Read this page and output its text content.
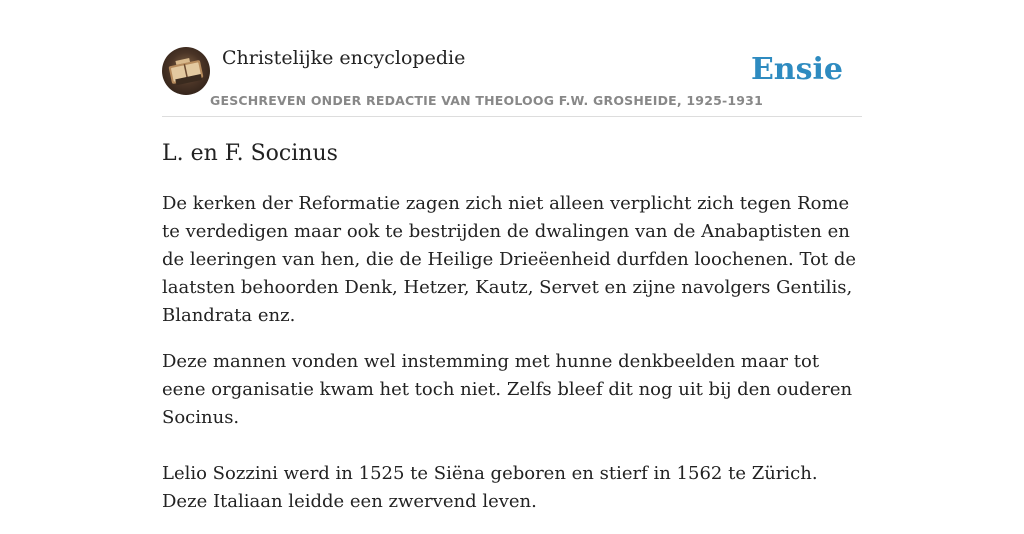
Christelijke encyclopedie
GESCHREVEN ONDER REDACTIE VAN THEOLOOG F.W. GROSHEIDE, 1925-1931
Ensie
L. en F. Socinus

De kerken der Reformatie zagen zich niet alleen verplicht zich tegen Rome te verdedigen maar ook te bestrijden de dwalingen van de Anabaptisten en de leeringen van hen, die de Heilige Drieëenheid durfden loochenen. Tot de laatsten behoorden Denk, Hetzer, Kautz, Servet en zijne navolgers Gentilis, Blandrata enz.

Deze mannen vonden wel instemming met hunne denkbeelden maar tot eene organisatie kwam het toch niet. Zelfs bleef dit nog uit bij den ouderen Socinus.

Lelio Sozzini werd in 1525 te Siëna geboren en stierf in 1562 te Zürich. Deze Italiaan leidde een zwervend leven.
